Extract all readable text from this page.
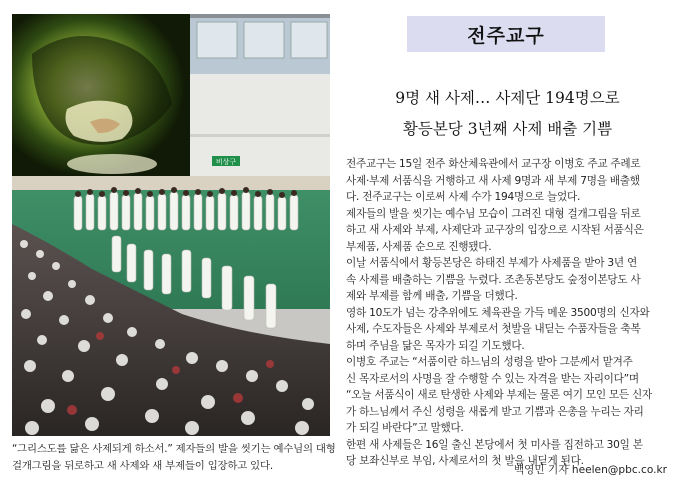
비상구
“그리스도를 닮은 사제되게 하소서.” 제자들의 발을 씻기는 예수님의 대형
걸개그림을 뒤로하고 새 사제와 새 부제들이 입장하고 있다.
전주교구
9명 새 사제… 사제단 194명으로
황등본당 3년째 사제 배출 기쁨
전주교구는 15일 전주 화산체육관에서 교구장 이병호 주교 주례로
사제·부제 서품식을 거행하고 새 사제 9명과 새 부제 7명을 배출했
다. 전주교구는 이로써 사제 수가 194명으로 늘었다.
제자들의 발을 씻기는 예수님 모습이 그려진 대형 걸개그림을 뒤로
하고 새 사제와 부제, 사제단과 교구장의 입장으로 시작된 서품식은
부제품, 사제품 순으로 진행됐다.
이날 서품식에서 황등본당은 하태진 부제가 사제품을 받아 3년 연
속 사제를 배출하는 기쁨을 누렸다. 조촌동본당도 숲정이본당도 사
제와 부제를 함께 배출, 기쁨을 더했다.
영하 10도가 넘는 강추위에도 체육관을 가득 메운 3500명의 신자와
사제, 수도자들은 사제와 부제로서 첫발을 내딛는 수품자들을 축복
하며 주님을 닮은 목자가 되길 기도했다.
이병호 주교는 “서품이란 하느님의 성령을 받아 그분께서 맡겨주
신 목자로서의 사명을 잘 수행할 수 있는 자격을 받는 자리이다”며
“오늘 서품식이 새로 탄생한 사제와 부제는 물론 여기 모인 모든 신자
가 하느님께서 주신 성령을 새롭게 받고 기쁨과 은총을 누리는 자리
가 되길 바란다”고 말했다.
한편 새 사제들은 16일 출신 본당에서 첫 미사를 집전하고 30일 본
당 보좌신부로 부임, 사제로서의 첫 발을 내딛게 된다.
백영민 기자 heelen@pbc.co.kr
